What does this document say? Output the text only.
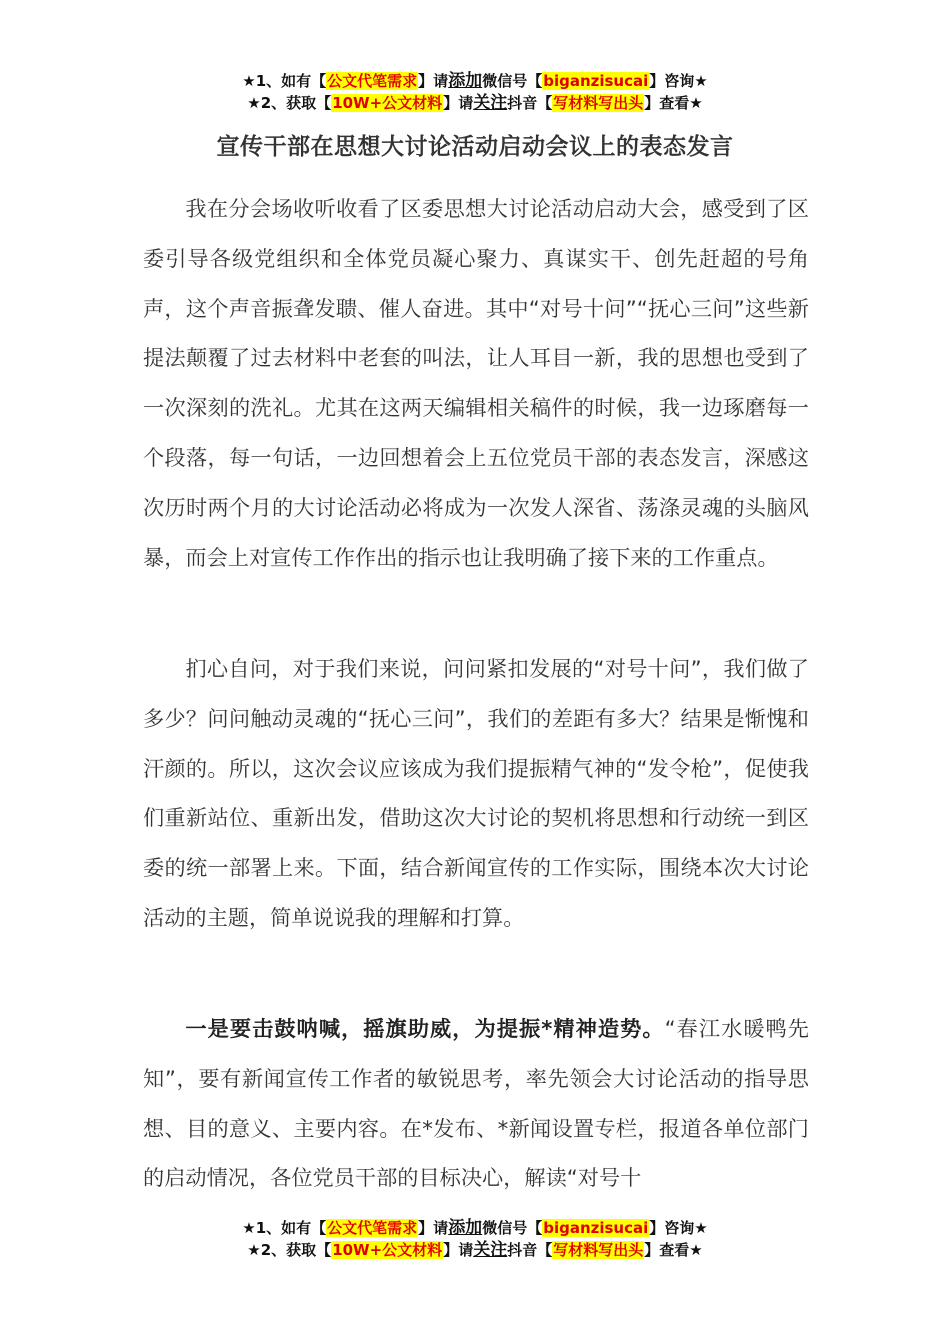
★1、如有【公文代笔需求】请添加微信号【biganzisucai】咨询★
★2、获取【10W+公文材料】请关注抖音【写材料写出头】查看★
宣传干部在思想大讨论活动启动会议上的表态发言

我在分会场收听收看了区委思想大讨论活动启动大会，感受到了区委引导各级党组织和全体党员凝心聚力、真谋实干、创先赶超的号角声，这个声音振聋发聩、催人奋进。其中“对号十问”“抚心三问”这些新提法颠覆了过去材料中老套的叫法，让人耳目一新，我的思想也受到了一次深刻的洗礼。尤其在这两天编辑相关稿件的时候，我一边琢磨每一个段落，每一句话，一边回想着会上五位党员干部的表态发言，深感这次历时两个月的大讨论活动必将成为一次发人深省、荡涤灵魂的头脑风暴，而会上对宣传工作作出的指示也让我明确了接下来的工作重点。

扪心自问，对于我们来说，问问紧扣发展的“对号十问”，我们做了多少？问问触动灵魂的“抚心三问”，我们的差距有多大？结果是惭愧和汗颜的。所以，这次会议应该成为我们提振精气神的“发令枪”，促使我们重新站位、重新出发，借助这次大讨论的契机将思想和行动统一到区委的统一部署上来。下面，结合新闻宣传的工作实际，围绕本次大讨论活动的主题，简单说说我的理解和打算。

一是要击鼓呐喊，摇旗助威，为提振*精神造势。“春江水暖鸭先知”，要有新闻宣传工作者的敏锐思考，率先领会大讨论活动的指导思想、目的意义、主要内容。在*发布、*新闻设置专栏，报道各单位部门的启动情况，各位党员干部的目标决心，解读“对号十

★1、如有【公文代笔需求】请添加微信号【biganzisucai】咨询★
★2、获取【10W+公文材料】请关注抖音【写材料写出头】查看★
